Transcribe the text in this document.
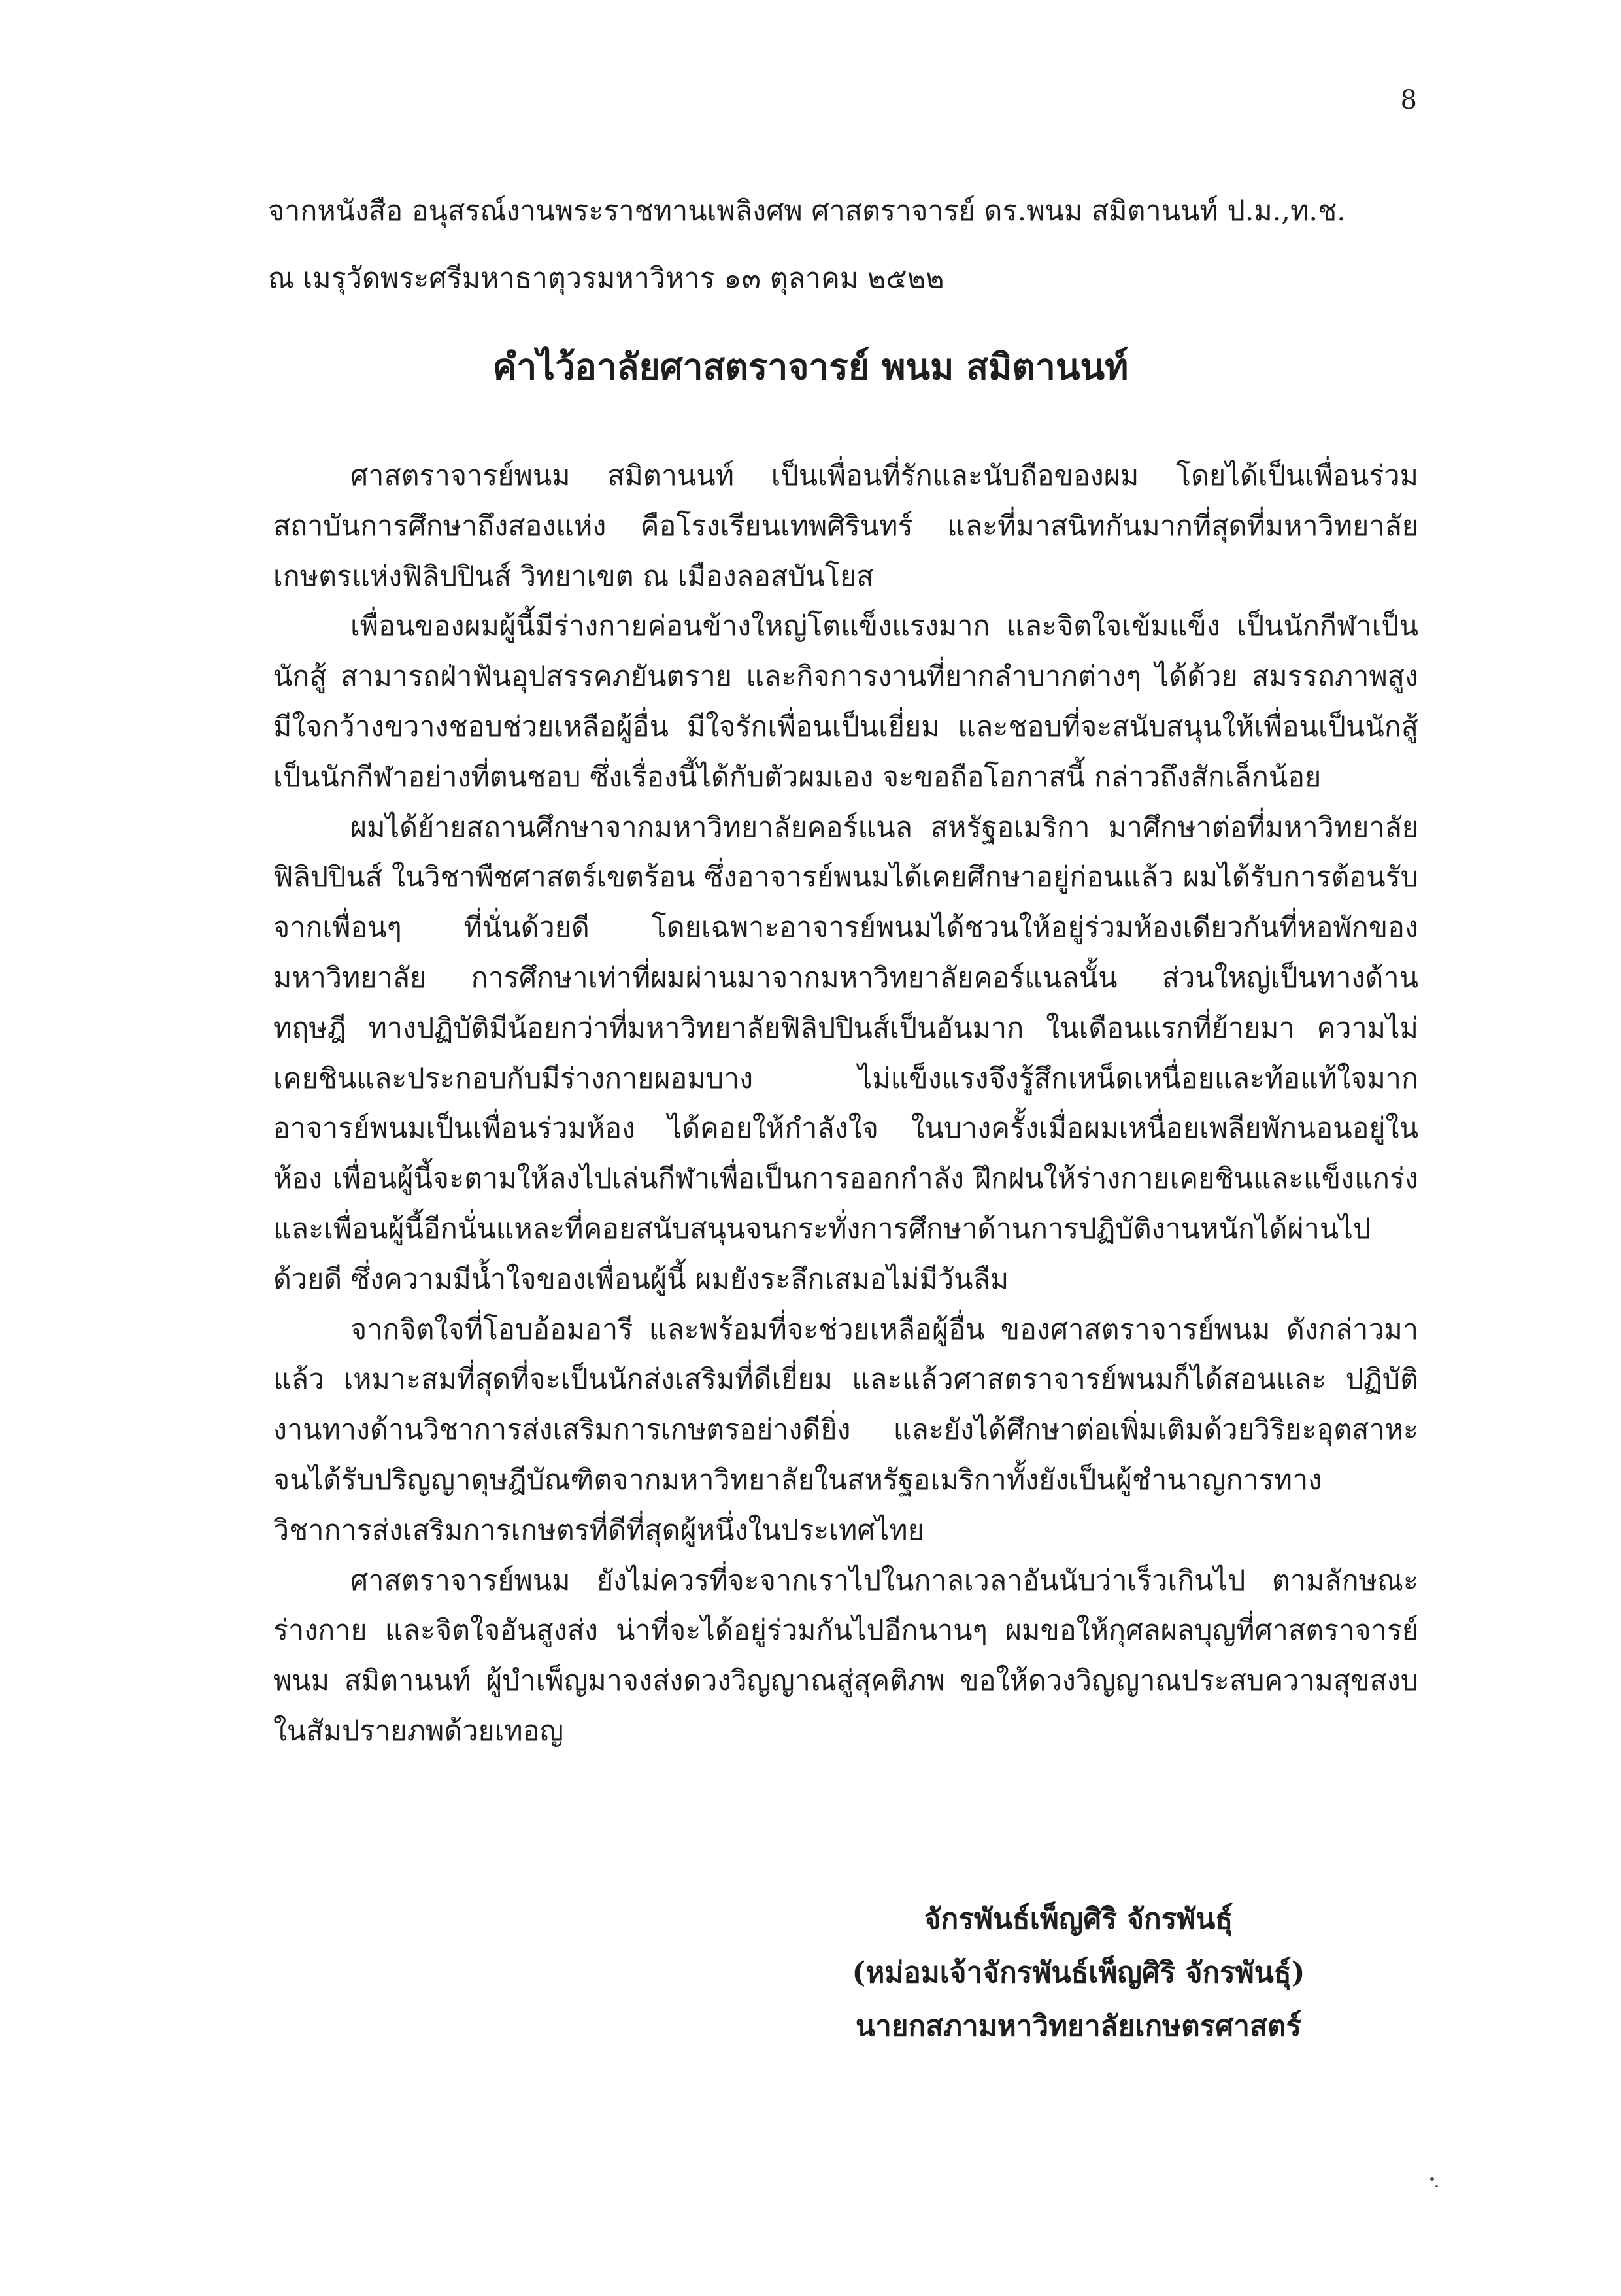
8
จากหนังสือ อนุสรณ์งานพระราชทานเพลิงศพ ศาสตราจารย์ ดร.พนม สมิตานนท์ ป.ม.,ท.ช.
ณ เมรุวัดพระศรีมหาธาตุวรมหาวิหาร ๑๓ ตุลาคม ๒๕๒๒
คำไว้อาลัยศาสตราจารย์ พนม สมิตานนท์

ศาสตราจารย์พนม สมิตานนท์ เป็นเพื่อนที่รักและนับถือของผม โดยได้เป็นเพื่อนร่วมสถาบันการศึกษาถึงสองแห่ง คือโรงเรียนเทพศิรินทร์ และที่มาสนิทกันมากที่สุดที่มหาวิทยาลัยเกษตรแห่งฟิลิปปินส์ วิทยาเขต ณ เมืองลอสบันโยส

เพื่อนของผมผู้นี้มีร่างกายค่อนข้างใหญ่โตแข็งแรงมาก และจิตใจเข้มแข็ง เป็นนักกีฬาเป็นนักสู้ สามารถฝ่าฟันอุปสรรคภยันตราย และกิจการงานที่ยากลำบากต่างๆ ได้ด้วย สมรรถภาพสูง มีใจกว้างขวางชอบช่วยเหลือผู้อื่น มีใจรักเพื่อนเป็นเยี่ยม และชอบที่จะสนับสนุนให้เพื่อนเป็นนักสู้ เป็นนักกีฬาอย่างที่ตนชอบ ซึ่งเรื่องนี้ได้กับตัวผมเอง จะขอถือโอกาสนี้ กล่าวถึงสักเล็กน้อย

ผมได้ย้ายสถานศึกษาจากมหาวิทยาลัยคอร์แนล สหรัฐอเมริกา มาศึกษาต่อที่มหาวิทยาลัยฟิลิปปินส์ ในวิชาพืชศาสตร์เขตร้อน ซึ่งอาจารย์พนมได้เคยศึกษาอยู่ก่อนแล้ว ผมได้รับการต้อนรับจากเพื่อนๆ ที่นั่นด้วยดี โดยเฉพาะอาจารย์พนมได้ชวนให้อยู่ร่วมห้องเดียวกันที่หอพักของมหาวิทยาลัย การศึกษาเท่าที่ผมผ่านมาจากมหาวิทยาลัยคอร์แนลนั้น ส่วนใหญ่เป็นทางด้านทฤษฎี ทางปฏิบัติมีน้อยกว่าที่มหาวิทยาลัยฟิลิปปินส์เป็นอันมาก ในเดือนแรกที่ย้ายมา ความไม่เคยชินและประกอบกับมีร่างกายผอมบาง ไม่แข็งแรงจึงรู้สึกเหน็ดเหนื่อยและท้อแท้ใจมาก อาจารย์พนมเป็นเพื่อนร่วมห้อง ได้คอยให้กำลังใจ ในบางครั้งเมื่อผมเหนื่อยเพลียพักนอนอยู่ในห้อง เพื่อนผู้นี้จะตามให้ลงไปเล่นกีฬาเพื่อเป็นการออกกำลัง ฝึกฝนให้ร่างกายเคยชินและแข็งแกร่ง และเพื่อนผู้นี้อีกนั่นแหละที่คอยสนับสนุนจนกระทั่งการศึกษาด้านการปฏิบัติงานหนักได้ผ่านไปด้วยดี ซึ่งความมีน้ำใจของเพื่อนผู้นี้ ผมยังระลึกเสมอไม่มีวันลืม

จากจิตใจที่โอบอ้อมอารี และพร้อมที่จะช่วยเหลือผู้อื่น ของศาสตราจารย์พนม ดังกล่าวมาแล้ว เหมาะสมที่สุดที่จะเป็นนักส่งเสริมที่ดีเยี่ยม และแล้วศาสตราจารย์พนมก็ได้สอนและ ปฏิบัติงานทางด้านวิชาการส่งเสริมการเกษตรอย่างดียิ่ง และยังได้ศึกษาต่อเพิ่มเติมด้วยวิริยะอุตสาหะจนได้รับปริญญาดุษฎีบัณฑิตจากมหาวิทยาลัยในสหรัฐอเมริกาทั้งยังเป็นผู้ชำนาญการทางวิชาการส่งเสริมการเกษตรที่ดีที่สุดผู้หนึ่งในประเทศไทย

ศาสตราจารย์พนม ยังไม่ควรที่จะจากเราไปในกาลเวลาอันนับว่าเร็วเกินไป ตามลักษณะร่างกาย และจิตใจอันสูงส่ง น่าที่จะได้อยู่ร่วมกันไปอีกนานๆ ผมขอให้กุศลผลบุญที่ศาสตราจารย์พนม สมิตานนท์ ผู้บำเพ็ญมาจงส่งดวงวิญญาณสู่สุคติภพ ขอให้ดวงวิญญาณประสบความสุขสงบในสัมปรายภพด้วยเทอญ

จักรพันธ์เพ็ญศิริ จักรพันธุ์
(หม่อมเจ้าจักรพันธ์เพ็ญศิริ จักรพันธุ์)
นายกสภามหาวิทยาลัยเกษตรศาสตร์
